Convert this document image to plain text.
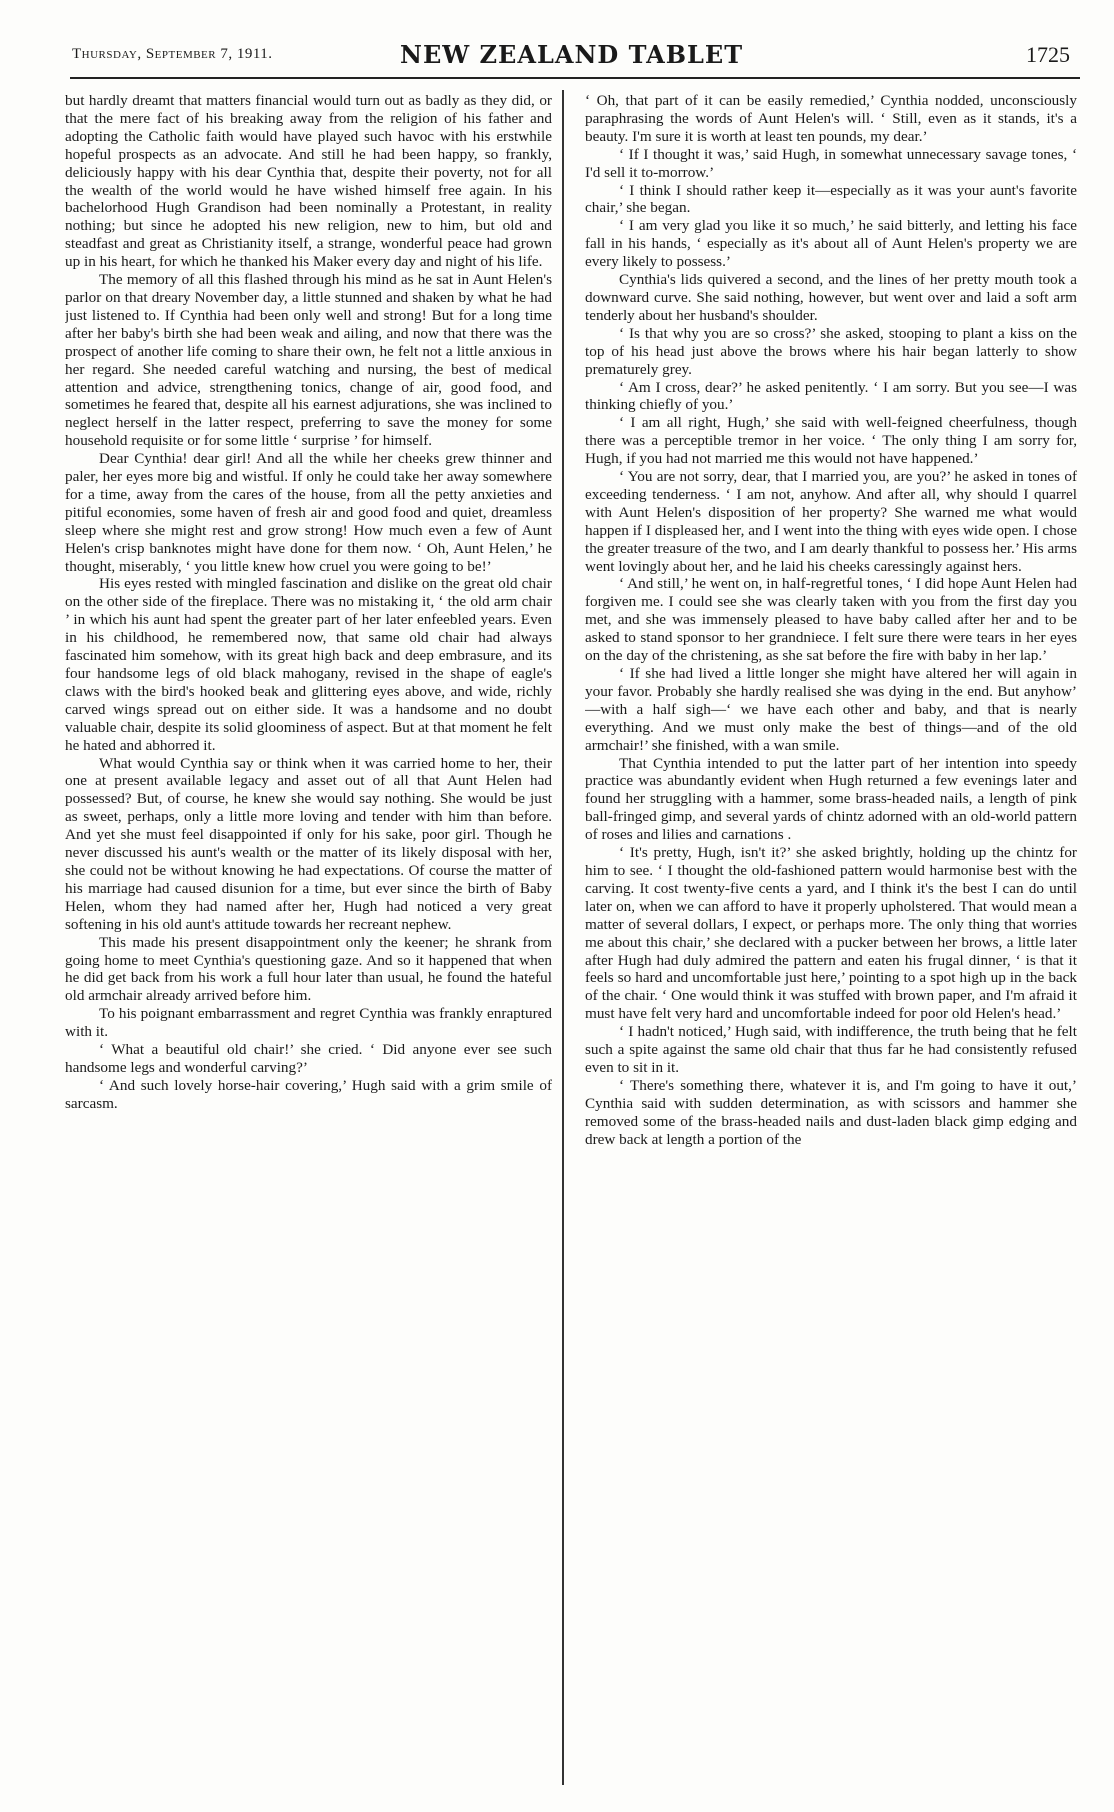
Thursday, September 7, 1911.	NEW ZEALAND TABLET	1725

but hardly dreamt that matters financial would turn out as badly as they did, or that the mere fact of his breaking away from the religion of his father and adopting the Catholic faith would have played such havoc with his erstwhile hopeful prospects as an advocate. And still he had been happy, so frankly, deliciously happy with his dear Cynthia that, despite their poverty, not for all the wealth of the world would he have wished himself free again. In his bachelorhood Hugh Grandison had been nominally a Protestant, in reality nothing; but since he adopted his new religion, new to him, but old and steadfast and great as Christianity itself, a strange, wonderful peace had grown up in his heart, for which he thanked his Maker every day and night of his life.

The memory of all this flashed through his mind as he sat in Aunt Helen's parlor on that dreary November day, a little stunned and shaken by what he had just listened to. If Cynthia had been only well and strong! But for a long time after her baby's birth she had been weak and ailing, and now that there was the prospect of another life coming to share their own, he felt not a little anxious in her regard. She needed careful watching and nursing, the best of medical attention and advice, strengthening tonics, change of air, good food, and sometimes he feared that, despite all his earnest adjurations, she was inclined to neglect herself in the latter respect, preferring to save the money for some household requisite or for some little ‘ surprise ’ for himself.

Dear Cynthia! dear girl! And all the while her cheeks grew thinner and paler, her eyes more big and wistful. If only he could take her away somewhere for a time, away from the cares of the house, from all the petty anxieties and pitiful economies, some haven of fresh air and good food and quiet, dreamless sleep where she might rest and grow strong! How much even a few of Aunt Helen's crisp banknotes might have done for them now. ‘ Oh, Aunt Helen,’ he thought, miserably, ‘ you little knew how cruel you were going to be!’

His eyes rested with mingled fascination and dislike on the great old chair on the other side of the fireplace. There was no mistaking it, ‘ the old arm chair ’ in which his aunt had spent the greater part of her later enfeebled years. Even in his childhood, he remembered now, that same old chair had always fascinated him somehow, with its great high back and deep embrasure, and its four handsome legs of old black mahogany, revised in the shape of eagle's claws with the bird's hooked beak and glittering eyes above, and wide, richly carved wings spread out on either side. It was a handsome and no doubt valuable chair, despite its solid gloominess of aspect. But at that moment he felt he hated and abhorred it.

What would Cynthia say or think when it was carried home to her, their one at present available legacy and asset out of all that Aunt Helen had possessed? But, of course, he knew she would say nothing. She would be just as sweet, perhaps, only a little more loving and tender with him than before. And yet she must feel disappointed if only for his sake, poor girl. Though he never discussed his aunt's wealth or the matter of its likely disposal with her, she could not be without knowing he had expectations. Of course the matter of his marriage had caused disunion for a time, but ever since the birth of Baby Helen, whom they had named after her, Hugh had noticed a very great softening in his old aunt's attitude towards her recreant nephew.

This made his present disappointment only the keener; he shrank from going home to meet Cynthia's questioning gaze. And so it happened that when he did get back from his work a full hour later than usual, he found the hateful old armchair already arrived before him.

To his poignant embarrassment and regret Cynthia was frankly enraptured with it.

‘ What a beautiful old chair!’ she cried. ‘ Did anyone ever see such handsome legs and wonderful carving?’

‘ And such lovely horse-hair covering,’ Hugh said with a grim smile of sarcasm.

‘ Oh, that part of it can be easily remedied,’ Cynthia nodded, unconsciously paraphrasing the words of Aunt Helen's will. ‘ Still, even as it stands, it's a beauty. I'm sure it is worth at least ten pounds, my dear.’

‘ If I thought it was,’ said Hugh, in somewhat unnecessary savage tones, ‘ I'd sell it to-morrow.’

‘ I think I should rather keep it—especially as it was your aunt's favorite chair,’ she began.

‘ I am very glad you like it so much,’ he said bitterly, and letting his face fall in his hands, ‘ especially as it's about all of Aunt Helen's property we are every likely to possess.’

Cynthia's lids quivered a second, and the lines of her pretty mouth took a downward curve. She said nothing, however, but went over and laid a soft arm tenderly about her husband's shoulder.

‘ Is that why you are so cross?’ she asked, stooping to plant a kiss on the top of his head just above the brows where his hair began latterly to show prematurely grey.

‘ Am I cross, dear?’ he asked penitently. ‘ I am sorry. But you see—I was thinking chiefly of you.’

‘ I am all right, Hugh,’ she said with well-feigned cheerfulness, though there was a perceptible tremor in her voice. ‘ The only thing I am sorry for, Hugh, if you had not married me this would not have happened.’

‘ You are not sorry, dear, that I married you, are you?’ he asked in tones of exceeding tenderness. ‘ I am not, anyhow. And after all, why should I quarrel with Aunt Helen's disposition of her property? She warned me what would happen if I displeased her, and I went into the thing with eyes wide open. I chose the greater treasure of the two, and I am dearly thankful to possess her.’ His arms went lovingly about her, and he laid his cheeks caressingly against hers.

‘ And still,’ he went on, in half-regretful tones, ‘ I did hope Aunt Helen had forgiven me. I could see she was clearly taken with you from the first day you met, and she was immensely pleased to have baby called after her and to be asked to stand sponsor to her grandniece. I felt sure there were tears in her eyes on the day of the christening, as she sat before the fire with baby in her lap.’

‘ If she had lived a little longer she might have altered her will again in your favor. Probably she hardly realised she was dying in the end. But anyhow’ —with a half sigh—‘ we have each other and baby, and that is nearly everything. And we must only make the best of things—and of the old armchair!’ she finished, with a wan smile.

That Cynthia intended to put the latter part of her intention into speedy practice was abundantly evident when Hugh returned a few evenings later and found her struggling with a hammer, some brass-headed nails, a length of pink ball-fringed gimp, and several yards of chintz adorned with an old-world pattern of roses and lilies and carnations .

‘ It's pretty, Hugh, isn't it?’ she asked brightly, holding up the chintz for him to see. ‘ I thought the old-fashioned pattern would harmonise best with the carving. It cost twenty-five cents a yard, and I think it's the best I can do until later on, when we can afford to have it properly upholstered. That would mean a matter of several dollars, I expect, or perhaps more. The only thing that worries me about this chair,’ she declared with a pucker between her brows, a little later after Hugh had duly admired the pattern and eaten his frugal dinner, ‘ is that it feels so hard and uncomfortable just here,’ pointing to a spot high up in the back of the chair. ‘ One would think it was stuffed with brown paper, and I'm afraid it must have felt very hard and uncomfortable indeed for poor old Helen's head.’

‘ I hadn't noticed,’ Hugh said, with indifference, the truth being that he felt such a spite against the same old chair that thus far he had consistently refused even to sit in it.

‘ There's something there, whatever it is, and I'm going to have it out,’ Cynthia said with sudden determination, as with scissors and hammer she removed some of the brass-headed nails and dust-laden black gimp edging and drew back at length a portion of the
